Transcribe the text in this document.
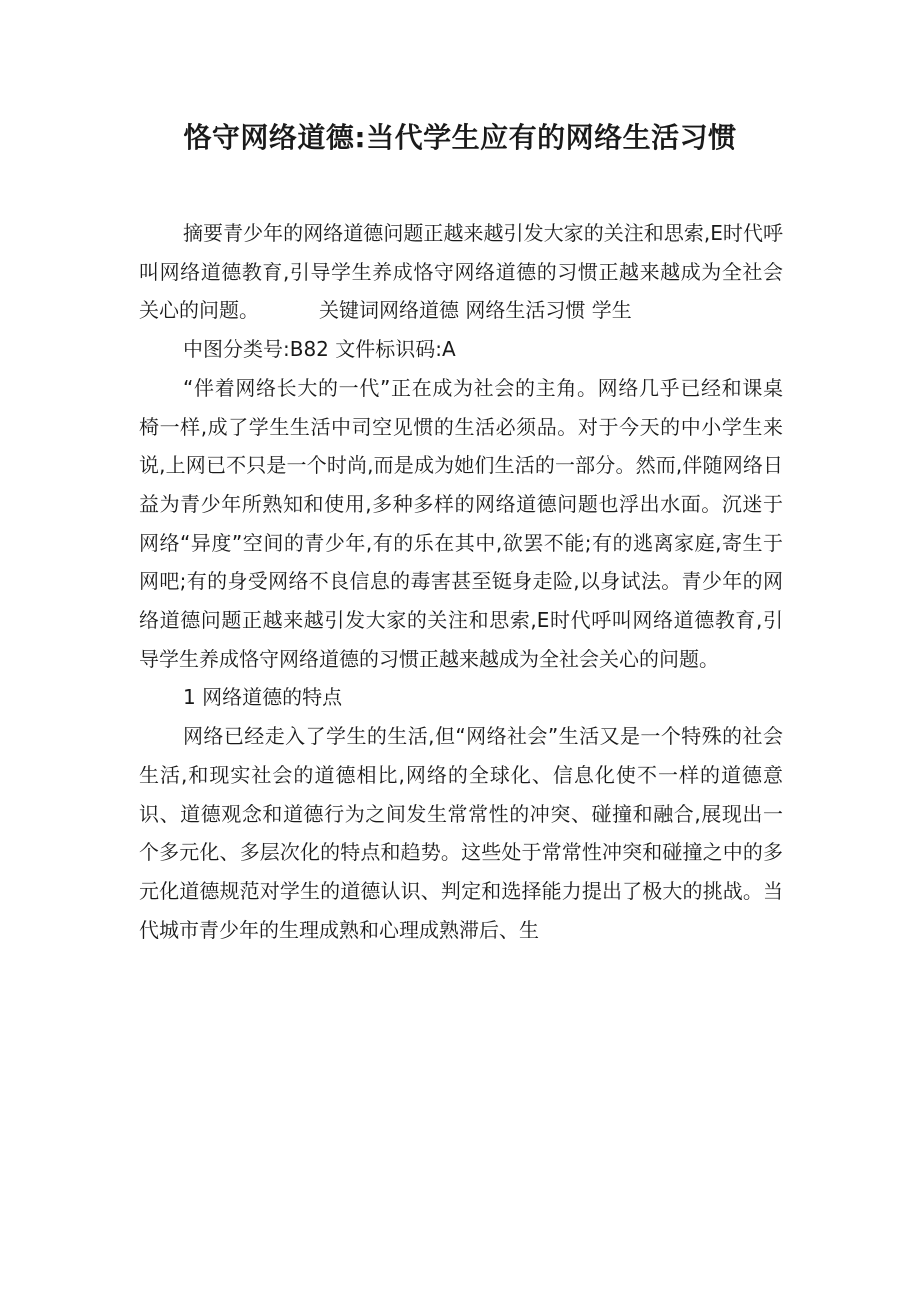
恪守网络道德:当代学生应有的网络生活习惯

摘要青少年的网络道德问题正越来越引发大家的关注和思索,E时代呼叫网络道德教育,引导学生养成恪守网络道德的习惯正越来越成为全社会关心的问题。	关键词网络道德 网络生活习惯 学生

中图分类号:B82 文件标识码:A

“伴着网络长大的一代”正在成为社会的主角。网络几乎已经和课桌椅一样,成了学生生活中司空见惯的生活必须品。对于今天的中小学生来说,上网已不只是一个时尚,而是成为她们生活的一部分。然而,伴随网络日益为青少年所熟知和使用,多种多样的网络道德问题也浮出水面。沉迷于网络“异度”空间的青少年,有的乐在其中,欲罢不能;有的逃离家庭,寄生于网吧;有的身受网络不良信息的毒害甚至铤身走险,以身试法。青少年的网络道德问题正越来越引发大家的关注和思索,E时代呼叫网络道德教育,引导学生养成恪守网络道德的习惯正越来越成为全社会关心的问题。

1 网络道德的特点

网络已经走入了学生的生活,但“网络社会”生活又是一个特殊的社会生活,和现实社会的道德相比,网络的全球化、信息化使不一样的道德意识、道德观念和道德行为之间发生常常性的冲突、碰撞和融合,展现出一个多元化、多层次化的特点和趋势。这些处于常常性冲突和碰撞之中的多元化道德规范对学生的道德认识、判定和选择能力提出了极大的挑战。当代城市青少年的生理成熟和心理成熟滞后、生
